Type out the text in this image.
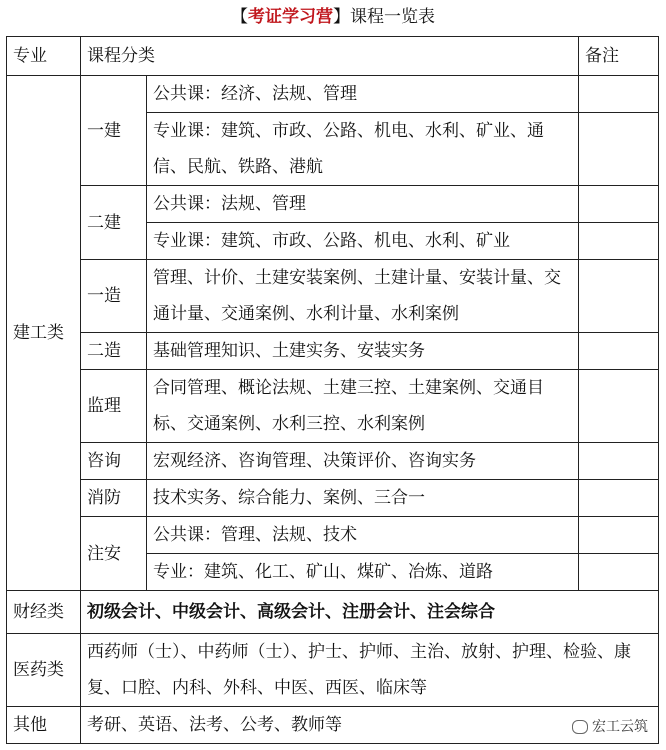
【考证学习营】课程一览表
专业	课程分类		备注
建工类	一建	公共课：经济、法规、管理	
		专业课：建筑、市政、公路、机电、水利、矿业、通信、民航、铁路、港航	
	二建	公共课：法规、管理	
		专业课：建筑、市政、公路、机电、水利、矿业	
	一造	管理、计价、土建安装案例、土建计量、安装计量、交通计量、交通案例、水利计量、水利案例	
	二造	基础管理知识、土建实务、安装实务	
	监理	合同管理、概论法规、土建三控、土建案例、交通目标、交通案例、水利三控、水利案例	
	咨询	宏观经济、咨询管理、决策评价、咨询实务	
	消防	技术实务、综合能力、案例、三合一	
	注安	公共课：管理、法规、技术	
		专业：建筑、化工、矿山、煤矿、冶炼、道路	
财经类	初级会计、中级会计、高级会计、注册会计、注会综合		
医药类	西药师（士）、中药师（士）、护士、护师、主治、放射、护理、检验、康复、口腔、内科、外科、中医、西医、临床等		
其他	考研、英语、法考、公考、教师等			宏工云筑
